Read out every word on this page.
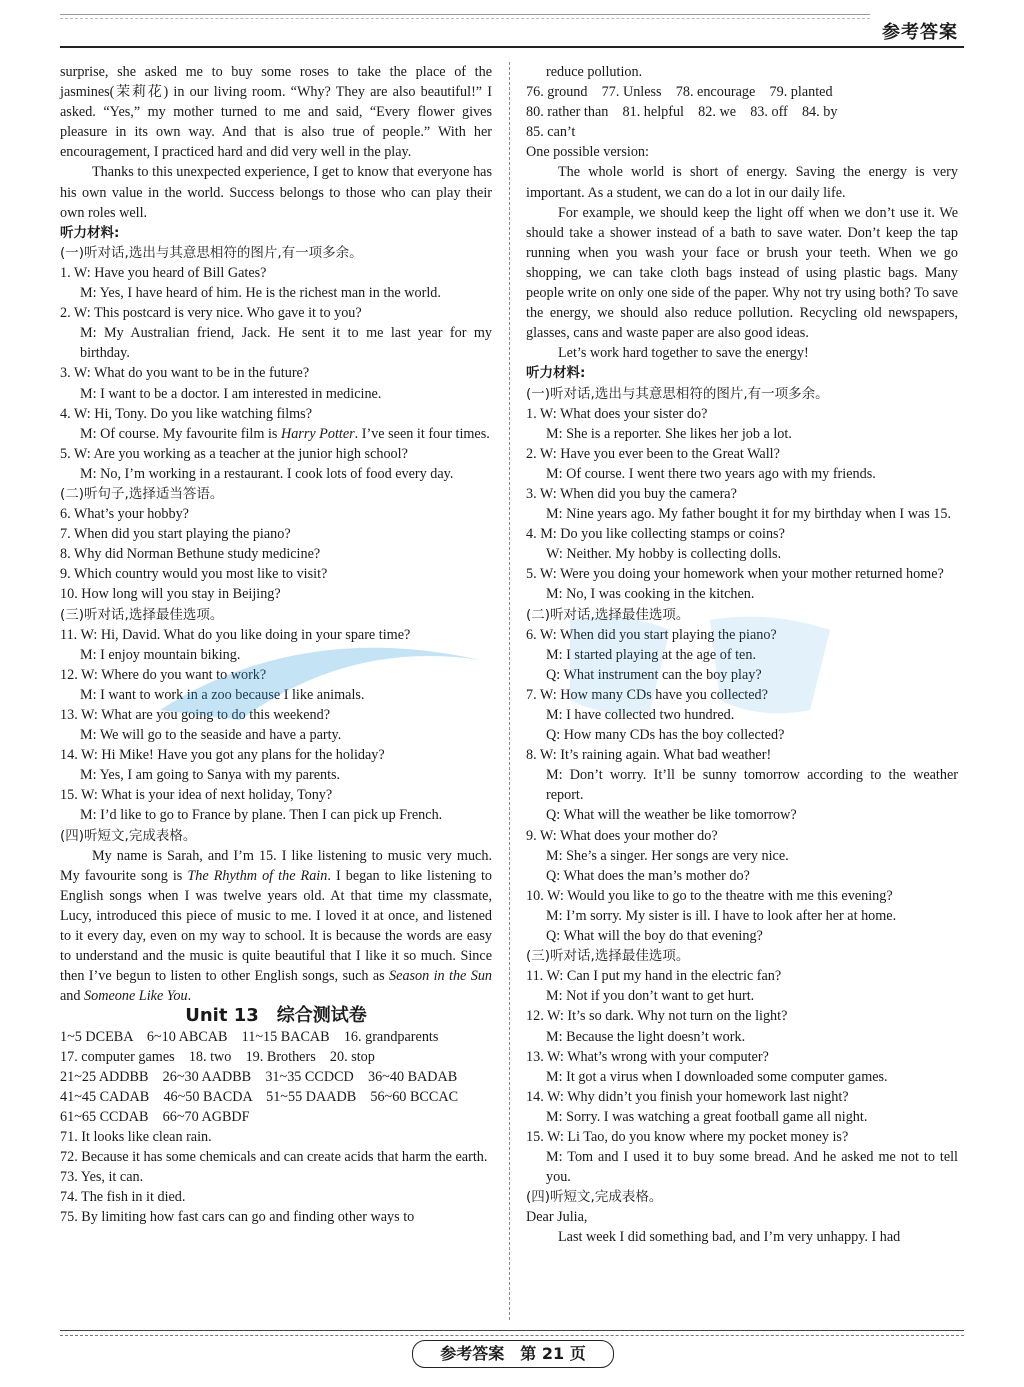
参考答案

surprise, she asked me to buy some roses to take the place of the jasmines(茉莉花) in our living room. “Why? They are also beautiful!” I asked. “Yes,” my mother turned to me and said, “Every flower gives pleasure in its own way. And that is also true of people.” With her encouragement, I practiced hard and did very well in the play.

Thanks to this unexpected experience, I get to know that everyone has his own value in the world. Success belongs to those who can play their own roles well.

听力材料:

(一)听对话,选出与其意思相符的图片,有一项多余。

1. W: Have you heard of Bill Gates?

M: Yes, I have heard of him. He is the richest man in the world.

2. W: This postcard is very nice. Who gave it to you?

M: My Australian friend, Jack. He sent it to me last year for my birthday.

3. W: What do you want to be in the future?

M: I want to be a doctor. I am interested in medicine.

4. W: Hi, Tony. Do you like watching films?

M: Of course. My favourite film is Harry Potter. I’ve seen it four times.

5. W: Are you working as a teacher at the junior high school?

M: No, I’m working in a restaurant. I cook lots of food every day.

(二)听句子,选择适当答语。

6. What’s your hobby?

7. When did you start playing the piano?

8. Why did Norman Bethune study medicine?

9. Which country would you most like to visit?

10. How long will you stay in Beijing?

(三)听对话,选择最佳选项。

11. W: Hi, David. What do you like doing in your spare time?

M: I enjoy mountain biking.

12. W: Where do you want to work?

M: I want to work in a zoo because I like animals.

13. W: What are you going to do this weekend?

M: We will go to the seaside and have a party.

14. W: Hi Mike! Have you got any plans for the holiday?

M: Yes, I am going to Sanya with my parents.

15. W: What is your idea of next holiday, Tony?

M: I’d like to go to France by plane. Then I can pick up French.

(四)听短文,完成表格。

My name is Sarah, and I’m 15. I like listening to music very much. My favourite song is The Rhythm of the Rain. I began to like listening to English songs when I was twelve years old. At that time my classmate, Lucy, introduced this piece of music to me. I loved it at once, and listened to it every day, even on my way to school. It is because the words are easy to understand and the music is quite beautiful that I like it so much. Since then I’ve begun to listen to other English songs, such as Season in the Sun and Someone Like You.

Unit 13　综合测试卷

1~5 DCEBA　6~10 ABCAB　11~15 BACAB　16. grandparents

17. computer games　18. two　19. Brothers　20. stop

21~25 ADDBB　26~30 AADBB　31~35 CCDCD　36~40 BADAB

41~45 CADAB　46~50 BACDA　51~55 DAADB　56~60 BCCAC

61~65 CCDAB　66~70 AGBDF

71. It looks like clean rain.

72. Because it has some chemicals and can create acids that harm the earth.

73. Yes, it can.

74. The fish in it died.

75. By limiting how fast cars can go and finding other ways to

reduce pollution.

76. ground　77. Unless　78. encourage　79. planted

80. rather than　81. helpful　82. we　83. off　84. by

85. can’t

One possible version:

The whole world is short of energy. Saving the energy is very important. As a student, we can do a lot in our daily life.

For example, we should keep the light off when we don’t use it. We should take a shower instead of a bath to save water. Don’t keep the tap running when you wash your face or brush your teeth. When we go shopping, we can take cloth bags instead of using plastic bags. Many people write on only one side of the paper. Why not try using both? To save the energy, we should also reduce pollution. Recycling old newspapers, glasses, cans and waste paper are also good ideas.

Let’s work hard together to save the energy!

听力材料:

(一)听对话,选出与其意思相符的图片,有一项多余。

1. W: What does your sister do?

M: She is a reporter. She likes her job a lot.

2. W: Have you ever been to the Great Wall?

M: Of course. I went there two years ago with my friends.

3. W: When did you buy the camera?

M: Nine years ago. My father bought it for my birthday when I was 15.

4. M: Do you like collecting stamps or coins?

W: Neither. My hobby is collecting dolls.

5. W: Were you doing your homework when your mother returned home?

M: No, I was cooking in the kitchen.

(二)听对话,选择最佳选项。

6. W: When did you start playing the piano?

M: I started playing at the age of ten.

Q: What instrument can the boy play?

7. W: How many CDs have you collected?

M: I have collected two hundred.

Q: How many CDs has the boy collected?

8. W: It’s raining again. What bad weather!

M: Don’t worry. It’ll be sunny tomorrow according to the weather report.

Q: What will the weather be like tomorrow?

9. W: What does your mother do?

M: She’s a singer. Her songs are very nice.

Q: What does the man’s mother do?

10. W: Would you like to go to the theatre with me this evening?

M: I’m sorry. My sister is ill. I have to look after her at home.

Q: What will the boy do that evening?

(三)听对话,选择最佳选项。

11. W: Can I put my hand in the electric fan?

M: Not if you don’t want to get hurt.

12. W: It’s so dark. Why not turn on the light?

M: Because the light doesn’t work.

13. W: What’s wrong with your computer?

M: It got a virus when I downloaded some computer games.

14. W: Why didn’t you finish your homework last night?

M: Sorry. I was watching a great football game all night.

15. W: Li Tao, do you know where my pocket money is?

M: Tom and I used it to buy some bread. And he asked me not to tell you.

(四)听短文,完成表格。

Dear Julia,

Last week I did something bad, and I’m very unhappy. I had

参考答案　第 21 页
